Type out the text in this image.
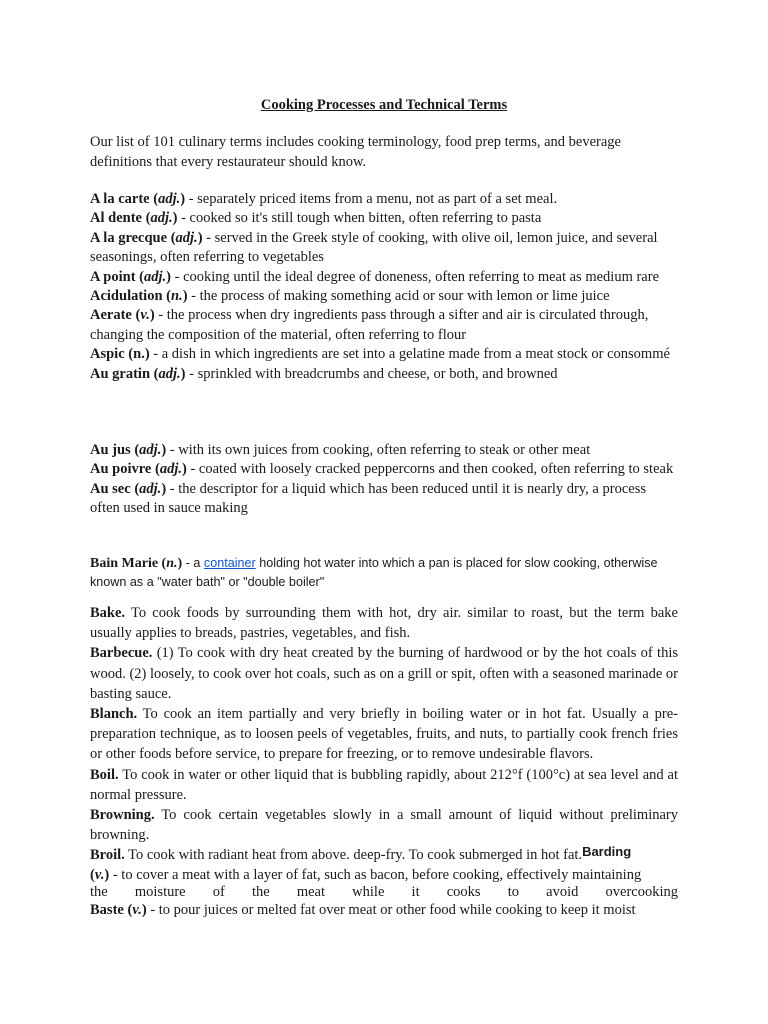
Cooking Processes and Technical Terms
Our list of 101 culinary terms includes cooking terminology, food prep terms, and beverage definitions that every restaurateur should know.

A la carte (adj.) - separately priced items from a menu, not as part of a set meal.

Al dente (adj.) - cooked so it's still tough when bitten, often referring to pasta

A la grecque (adj.) - served in the Greek style of cooking, with olive oil, lemon juice, and several seasonings, often referring to vegetables

A point (adj.) - cooking until the ideal degree of doneness, often referring to meat as medium rare

Acidulation (n.) - the process of making something acid or sour with lemon or lime juice

Aerate (v.) - the process when dry ingredients pass through a sifter and air is circulated through, changing the composition of the material, often referring to flour

Aspic (n.) - a dish in which ingredients are set into a gelatine made from a meat stock or consommé

Au gratin (adj.) - sprinkled with breadcrumbs and cheese, or both, and browned

Au jus (adj.) - with its own juices from cooking, often referring to steak or other meat

Au poivre (adj.) - coated with loosely cracked peppercorns and then cooked, often referring to steak

Au sec (adj.) - the descriptor for a liquid which has been reduced until it is nearly dry, a process often used in sauce making

Bain Marie (n.) - a container holding hot water into which a pan is placed for slow cooking, otherwise known as a "water bath" or "double boiler"

Bake. To cook foods by surrounding them with hot, dry air. similar to roast, but the term bake usually applies to breads, pastries, vegetables, and fish.

Barbecue. (1) To cook with dry heat created by the burning of hardwood or by the hot coals of this wood. (2) loosely, to cook over hot coals, such as on a grill or spit, often with a seasoned marinade or basting sauce.

Blanch. To cook an item partially and very briefly in boiling water or in hot fat. Usually a pre-preparation technique, as to loosen peels of vegetables, fruits, and nuts, to partially cook french fries or other foods before service, to prepare for freezing, or to remove undesirable flavors.

Boil. To cook in water or other liquid that is bubbling rapidly, about 212°f (100°c) at sea level and at normal pressure.

Browning. To cook certain vegetables slowly in a small amount of liquid without preliminary browning.

Broil. To cook with radiant heat from above. deep-fry. To cook submerged in hot fat.Barding

(v.) - to cover a meat with a layer of fat, such as bacon, before cooking, effectively maintaining
the moisture of the meat while it cooks to avoid overcooking
Baste (v.) - to pour juices or melted fat over meat or other food while cooking to keep it moist
